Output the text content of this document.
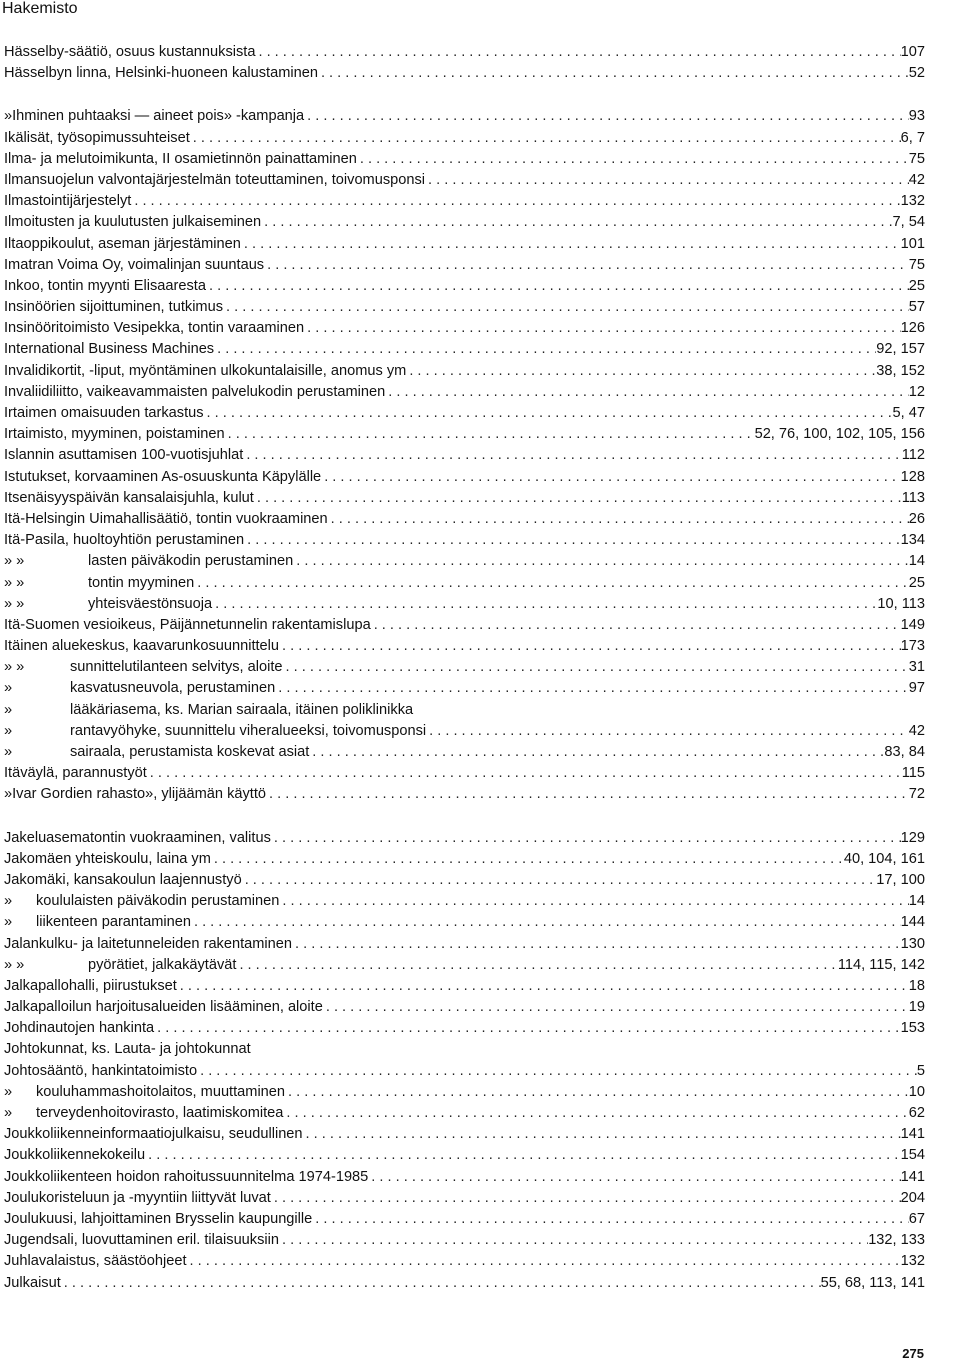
Hakemisto
Hässelby-säätiö, osuus kustannuksista . . .	107
Hässelbyn linna, Helsinki-huoneen kalustaminen . . .	52
»Ihminen puhtaaksi — aineet pois» -kampanja . . .	93
Ikälisät, työsopimussuhteiset . . .	6, 7
Ilma- ja melutoimikunta, II osamietinnön painattaminen . . .	75
Ilmansuojelun valvontajärjestelmän toteuttaminen, toivomusponsi . . .	42
Ilmastointijärjestelyt . . .	132
Ilmoitusten ja kuulutusten julkaiseminen . . .	7, 54
Iltaoppikoulut, aseman järjestäminen . . .	101
Imatran Voima Oy, voimalinjan suuntaus . . .	75
Inkoo, tontin myynti Elisaaresta . . .	25
Insinöörien sijoittuminen, tutkimus . . .	57
Insinööritoimisto Vesipekka, tontin varaaminen . . .	126
International Business Machines . . .	92, 157
Invalidikortit, -liput, myöntäminen ulkokuntalaisille, anomus ym . . .	38, 152
Invaliidiliitto, vaikeavammaisten palvelukodin perustaminen . . .	12
Irtaimen omaisuuden tarkastus . . .	5, 47
Irtaimisto, myyminen, poistaminen . . .	52, 76, 100, 102, 105, 156
Islannin asuttamisen 100-vuotisjuhlat . . .	112
Istutukset, korvaaminen As-osuuskunta Käpylälle . . .	128
Itsenäisyyspäivän kansalaisjuhla, kulut . . .	113
Itä-Helsingin Uimahallisäätiö, tontin vuokraaminen . . .	26
Itä-Pasila, huoltoyhtiön perustaminen . . .	134
» »	lasten päiväkodin perustaminen . . .	14
» »	tontin myyminen . . .	25
» »	yhteisväestönsuoja . . .	10, 113
Itä-Suomen vesioikeus, Päijännetunnelin rakentamislupa . . .	149
Itäinen aluekeskus, kaavarunkosuunnittelu . . .	173
» »	sunnittelutilanteen selvitys, aloite . . .	31
»	kasvatusneuvola, perustaminen . . .	97
»	lääkäriasema, ks. Marian sairaala, itäinen poliklinikka
»	rantavyöhyke, suunnittelu viheralueeksi, toivomusponsi . . .	42
»	sairaala, perustamista koskevat asiat . . .	83, 84
Itäväylä, parannustyöt . . .	115
»Ivar Gordien rahasto», ylijäämän käyttö . . .	72
Jakeluasematontin vuokraaminen, valitus . . .	129
Jakomäen yhteiskoulu, laina ym . . .	40, 104, 161
Jakomäki, kansakoulun laajennustyö . . .	17, 100
»	koululaisten päiväkodin perustaminen . . .	14
»	liikenteen parantaminen . . .	144
Jalankulku- ja laitetunneleiden rakentaminen . . .	130
» »	pyörätiet, jalkakäytävät . . .	114, 115, 142
Jalkapallohalli, piirustukset . . .	18
Jalkapalloilun harjoitusalueiden lisääminen, aloite . . .	19
Johdinautojen hankinta . . .	153
Johtokunnat, ks. Lauta- ja johtokunnat
Johtosääntö, hankintatoimisto . . .	5
»	kouluhammashoitolaitos, muuttaminen . . .	10
»	terveydenhoitovirasto, laatimiskomitea . . .	62
Joukkoliikenneinformaatiojulkaisu, seudullinen . . .	141
Joukkoliikennekokeilu . . .	154
Joukkoliikenteen hoidon rahoitussuunnitelma 1974-1985 . . .	141
Joulukoristeluun ja -myyntiin liittyvät luvat . . .	204
Joulukuusi, lahjoittaminen Brysselin kaupungille . . .	67
Jugendsali, luovuttaminen eril. tilaisuuksiin . . .	132, 133
Juhlavalaistus, säästöohjeet . . .	132
Julkaisut . . .	55, 68, 113, 141
275
